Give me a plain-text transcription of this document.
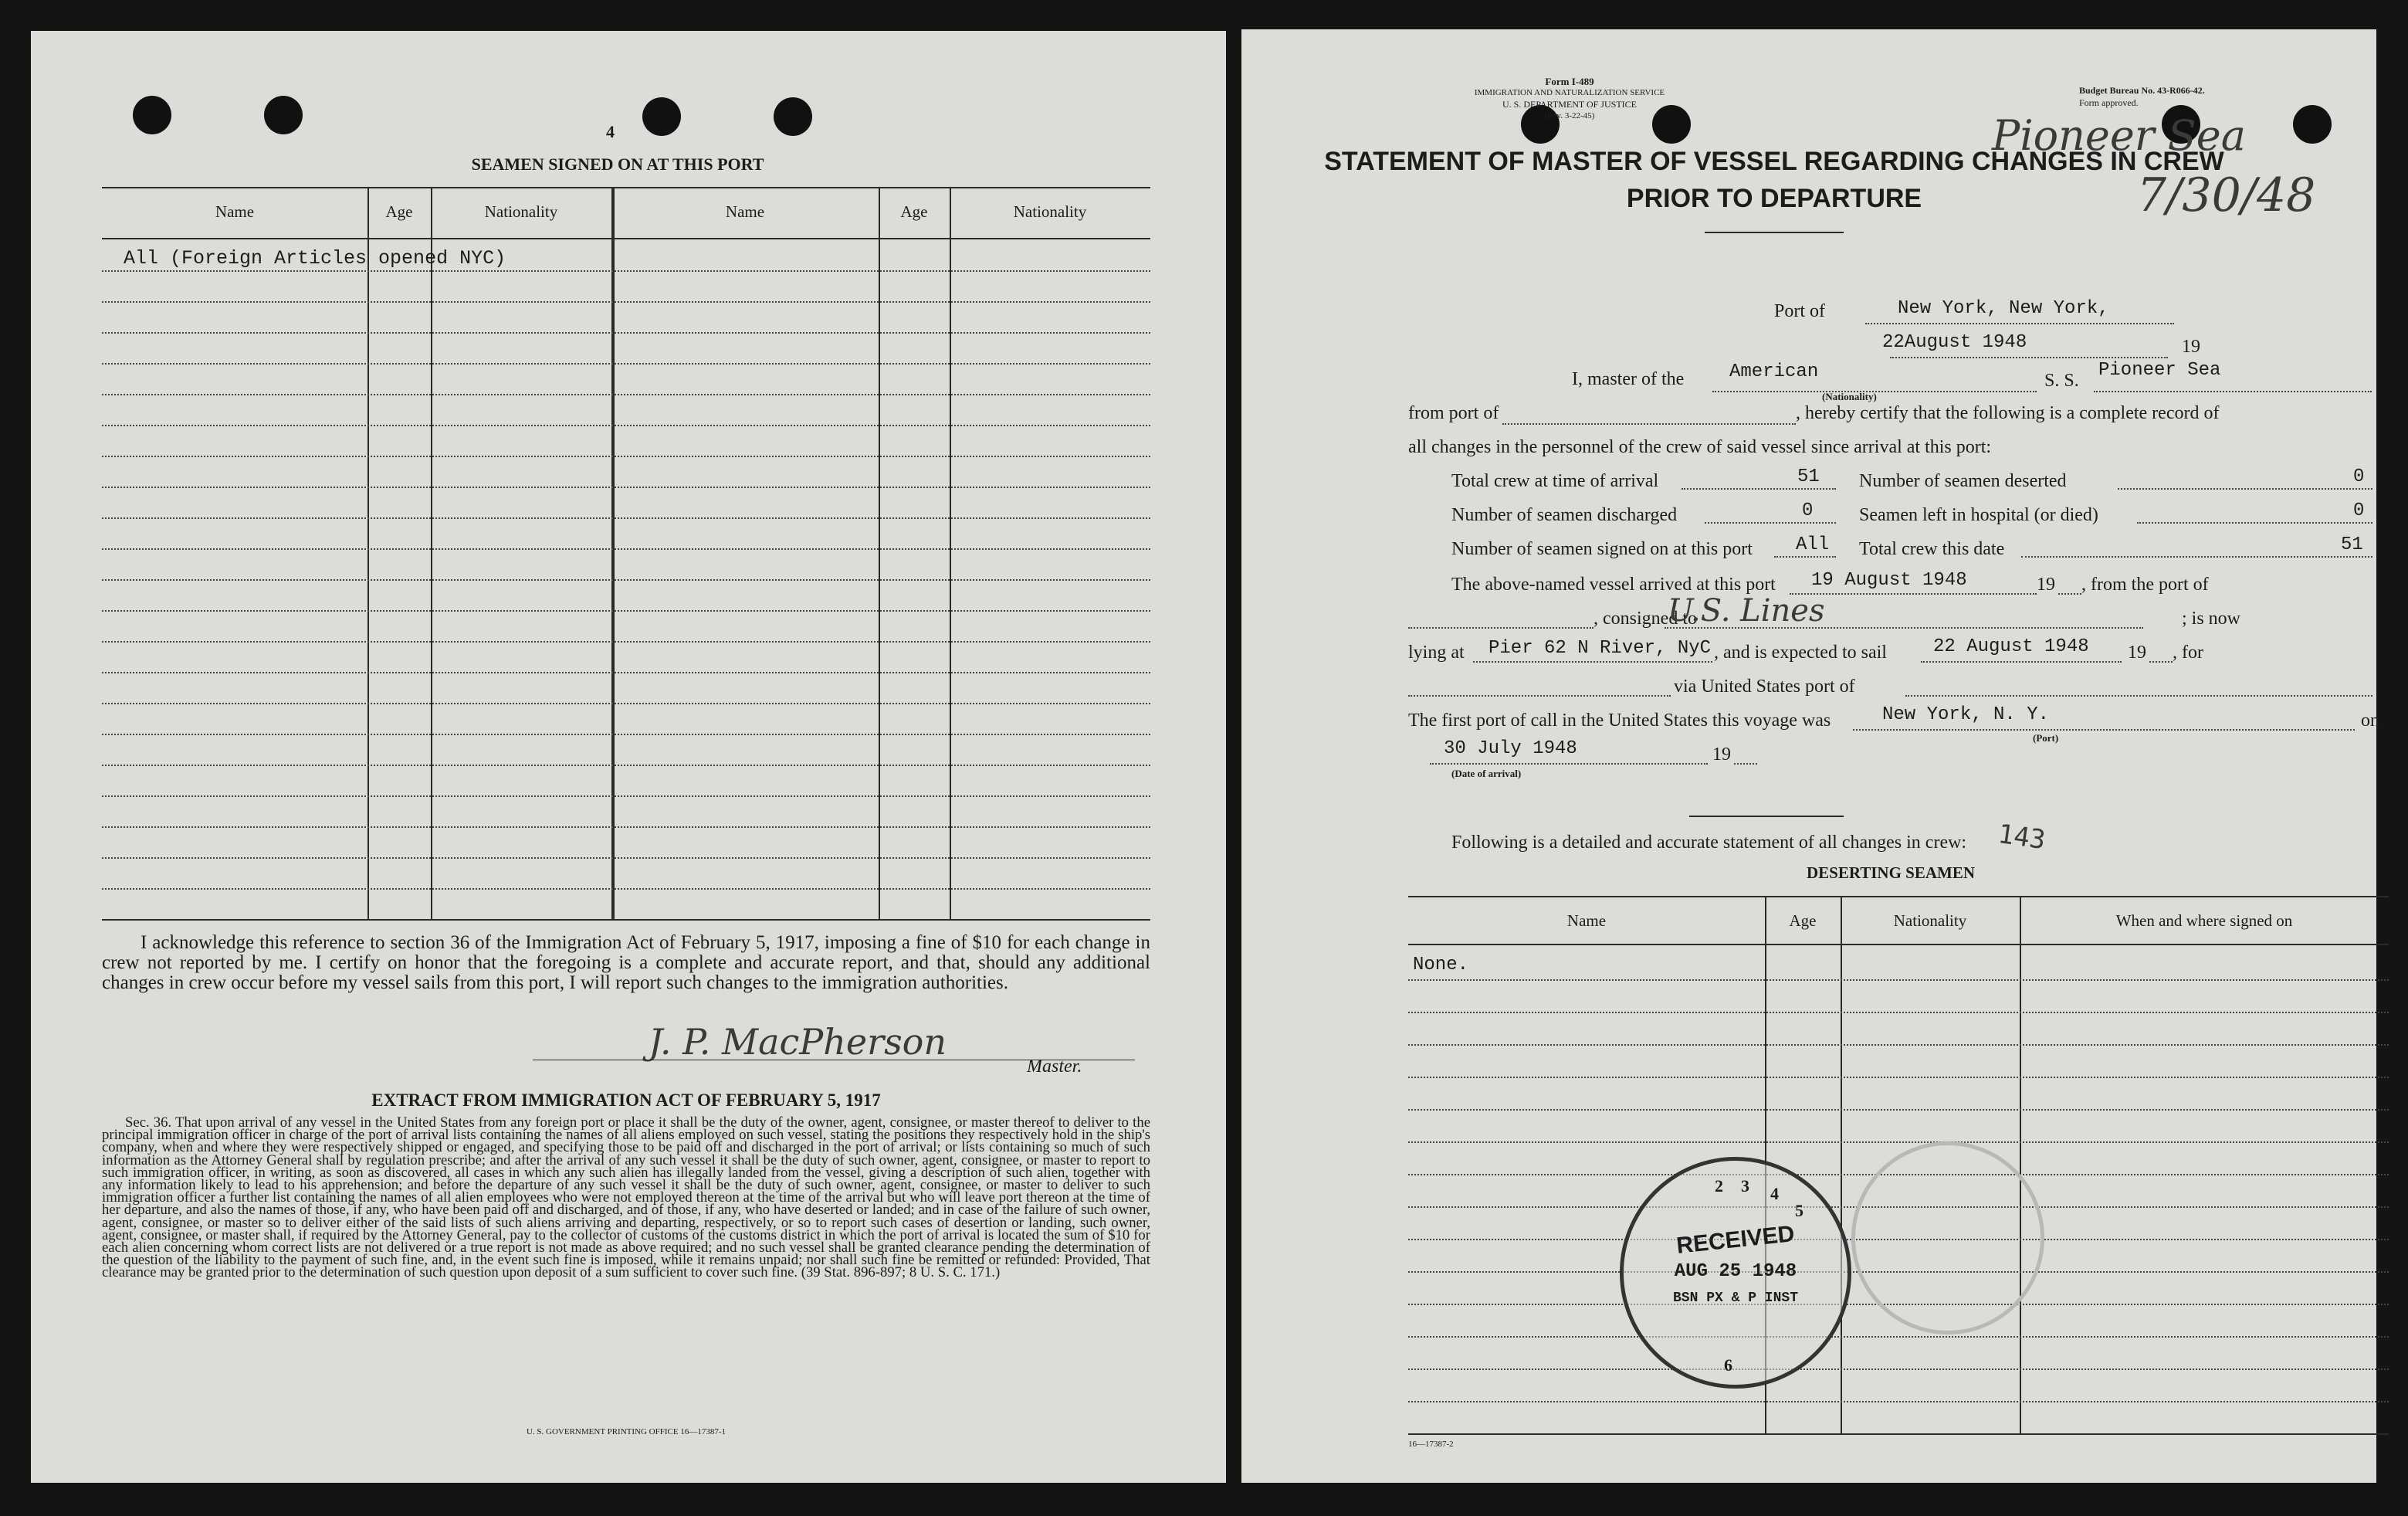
4
SEAMEN SIGNED ON AT THIS PORT
Name	Age	Nationality	Name	Age	Nationality
All (Foreign Articles opened NYC)

I acknowledge this reference to section 36 of the Immigration Act of February 5, 1917, imposing a fine of $10 for each change in crew not reported by me. I certify on honor that the foregoing is a complete and accurate report, and that, should any additional changes in crew occur before my vessel sails from this port, I will report such changes to the immigration authorities.

J. P. MacPherson
Master.
EXTRACT FROM IMMIGRATION ACT OF FEBRUARY 5, 1917

Sec. 36. That upon arrival of any vessel in the United States from any foreign port or place it shall be the duty of the owner, agent, consignee, or master thereof to deliver to the principal immigration officer in charge of the port of arrival lists containing the names of all aliens employed on such vessel, stating the positions they respectively hold in the ship's company, when and where they were respectively shipped or engaged, and specifying those to be paid off and discharged in the port of arrival; or lists containing so much of such information as the Attorney General shall by regulation prescribe; and after the arrival of any such vessel it shall be the duty of such owner, agent, consignee, or master to report to such immigration officer, in writing, as soon as discovered, all cases in which any such alien has illegally landed from the vessel, giving a description of such alien, together with any information likely to lead to his apprehension; and before the departure of any such vessel it shall be the duty of such owner, agent, consignee, or master to deliver to such immigration officer a further list containing the names of all alien employees who were not employed thereon at the time of the arrival but who will leave port thereon at the time of her departure, and also the names of those, if any, who have been paid off and discharged, and of those, if any, who have deserted or landed; and in case of the failure of such owner, agent, consignee, or master so to deliver either of the said lists of such aliens arriving and departing, respectively, or so to report such cases of desertion or landing, such owner, agent, consignee, or master shall, if required by the Attorney General, pay to the collector of customs of the customs district in which the port of arrival is located the sum of $10 for each alien concerning whom correct lists are not delivered or a true report is not made as above required; and no such vessel shall be granted clearance pending the determination of the question of the liability to the payment of such fine, and, in the event such fine is imposed, while it remains unpaid; nor shall such fine be remitted or refunded: Provided, That clearance may be granted prior to the determination of such question upon deposit of a sum sufficient to cover such fine. (39 Stat. 896-897; 8 U. S. C. 171.)

U. S. GOVERNMENT PRINTING OFFICE 16—17387-1
Form I-489
IMMIGRATION AND NATURALIZATION SERVICE
U. S. DEPARTMENT OF JUSTICE
(Rev. 3-22-45)
Budget Bureau No. 43-R066-42.
Form approved.
Pioneer Sea
7/30/48
STATEMENT OF MASTER OF VESSEL REGARDING CHANGES IN CREW
PRIOR TO DEPARTURE
Port of	New York, New York,
22August 1948	19
I, master of the American
(Nationality)
S. S. Pioneer Sea
from port of	, hereby certify that the following is a complete record of
all changes in the personnel of the crew of said vessel since arrival at this port:
Total crew at time of arrival	51 Number of seamen deserted	0
Number of seamen discharged	0 Seamen left in hospital (or died)	0
Number of seamen signed on at this port All Total crew this date	51
The above-named vessel arrived at this port 19 August 1948	19 , from the port of
, consigned to
U.S. Lines	; is now
lying at Pier 62 N River, NyC , and is expected to sail	22 August 1948 19 , for
via United States port of
The first port of call in the United States this voyage was	New York, N. Y.
(Port)
on
30 July 1948
(Date of arrival)
19
Following is a detailed and accurate statement of all changes in crew: 143
DESERTING SEAMEN
Name	Age	Nationality	When and where signed on
None.
RECEIVED
AUG 25 1948
BSN PX & P INST
2 3 4
5
6
16—17387-2
